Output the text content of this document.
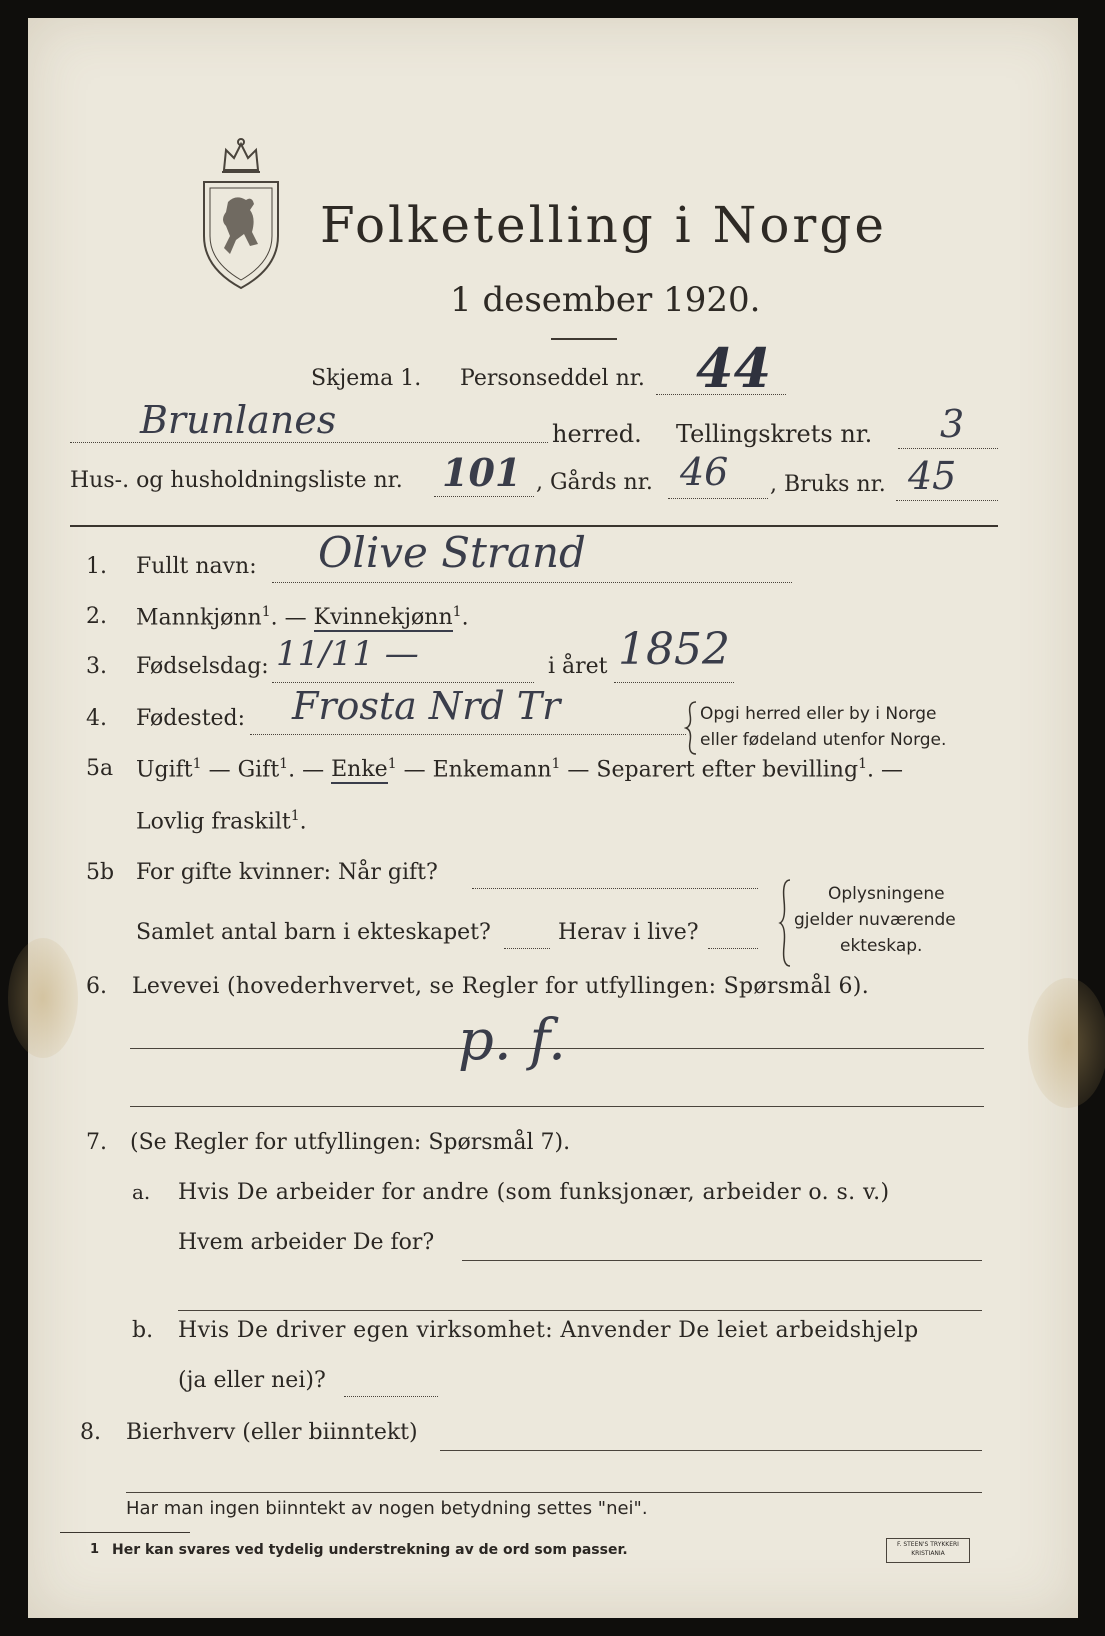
Folketelling i Norge
1 desember 1920.
Skjema 1. Personseddel nr. 44
Brunlanes	herred. Tellingskrets nr. 3
Hus-. og husholdningsliste nr. 101 , Gårds nr. 46 , Bruks nr. 45
1. Fullt navn: Olive Strand
2. Mannkjønn$^1$. — Kvinnekjønn$^1$.
3. Fødselsdag: 11/11 —	i året 1852
4. Fødested: Frosta Nrd Tr	Opgi herred eller by i Norge
eller fødeland utenfor Norge.
5a Ugift$^1$ — Gift$^1$. — Enke$^1$ — Enkemann$^1$ — Separert efter bevilling$^1$. —
Lovlig fraskilt$^1$.
5b For gifte kvinner: Når gift?
Samlet antal barn i ekteskapet?	Herav i live?
Oplysningene
gjelder nuværende
ekteskap.
6. Levevei (hovederhvervet, se Regler for utfyllingen: Spørsmål 6).
p. f.
7. (Se Regler for utfyllingen: Spørsmål 7).
a. Hvis De arbeider for andre (som funksjonær, arbeider o. s. v.)
Hvem arbeider De for?
b. Hvis De driver egen virksomhet: Anvender De leiet arbeidshjelp
(ja eller nei)?
8. Bierhverv (eller biinntekt)
Har man ingen biinntekt av nogen betydning settes "nei".
1 Her kan svares ved tydelig understrekning av de ord som passer.	F. STEEN'S TRYKKERI
KRISTIANIA
